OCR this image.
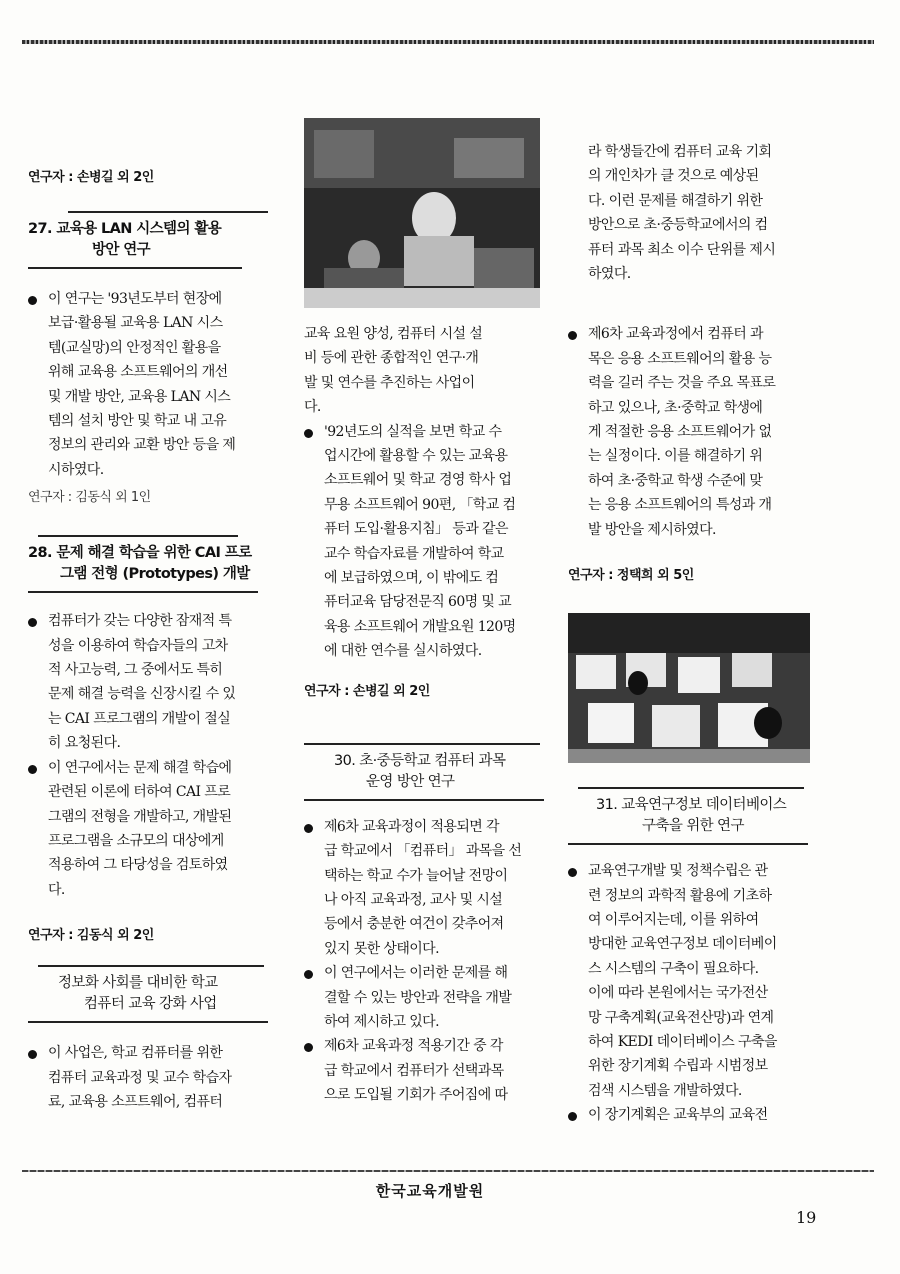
연구자 : 손병길 외 2인
27. 교육용 LAN 시스템의 활용
방안 연구
이 연구는 '93년도부터 현장에
보급·활용될 교육용 LAN 시스
템(교실망)의 안정적인 활용을
위해 교육용 소프트웨어의 개선
및 개발 방안, 교육용 LAN 시스
템의 설치 방안 및 학교 내 고유
정보의 관리와 교환 방안 등을 제
시하였다.
연구자 : 김동식 외 1인
28. 문제 해결 학습을 위한 CAI 프로
그램 전형 (Prototypes) 개발
컴퓨터가 갖는 다양한 잠재적 특
성을 이용하여 학습자들의 고차
적 사고능력, 그 중에서도 특히
문제 해결 능력을 신장시킬 수 있
는 CAI 프로그램의 개발이 절실
히 요청된다.
이 연구에서는 문제 해결 학습에
관련된 이론에 터하여 CAI 프로
그램의 전형을 개발하고, 개발된
프로그램을 소규모의 대상에게
적용하여 그 타당성을 검토하였
다.
연구자 : 김동식 외 2인
정보화 사회를 대비한 학교
컴퓨터 교육 강화 사업
이 사업은, 학교 컴퓨터를 위한
컴퓨터 교육과정 및 교수 학습자
료, 교육용 소프트웨어, 컴퓨터
교육 요원 양성, 컴퓨터 시설 설
비 등에 관한 종합적인 연구·개
발 및 연수를 추진하는 사업이
다.
'92년도의 실적을 보면 학교 수
업시간에 활용할 수 있는 교육용
소프트웨어 및 학교 경영 학사 업
무용 소프트웨어 90편, 「학교 컴
퓨터 도입·활용지침」 등과 같은
교수 학습자료를 개발하여 학교
에 보급하였으며, 이 밖에도 컴
퓨터교육 담당전문직 60명 및 교
육용 소프트웨어 개발요원 120명
에 대한 연수를 실시하였다.
연구자 : 손병길 외 2인
30. 초·중등학교 컴퓨터 과목
운영 방안 연구
제6차 교육과정이 적용되면 각
급 학교에서 「컴퓨터」 과목을 선
택하는 학교 수가 늘어날 전망이
나 아직 교육과정, 교사 및 시설
등에서 충분한 여건이 갖추어져
있지 못한 상태이다.
이 연구에서는 이러한 문제를 해
결할 수 있는 방안과 전략을 개발
하여 제시하고 있다.
제6차 교육과정 적용기간 중 각
급 학교에서 컴퓨터가 선택과목
으로 도입될 기회가 주어짐에 따
라 학생들간에 컴퓨터 교육 기회
의 개인차가 클 것으로 예상된
다. 이런 문제를 해결하기 위한
방안으로 초·중등학교에서의 컴
퓨터 과목 최소 이수 단위를 제시
하였다.
제6차 교육과정에서 컴퓨터 과
목은 응용 소프트웨어의 활용 능
력을 길러 주는 것을 주요 목표로
하고 있으나, 초·중학교 학생에
게 적절한 응용 소프트웨어가 없
는 실정이다. 이를 해결하기 위
하여 초·중학교 학생 수준에 맞
는 응용 소프트웨어의 특성과 개
발 방안을 제시하였다.
연구자 : 정택희 외 5인
31. 교육연구정보 데이터베이스
구축을 위한 연구
교육연구개발 및 정책수립은 관
련 정보의 과학적 활용에 기초하
여 이루어지는데, 이를 위하여
방대한 교육연구정보 데이터베이
스 시스템의 구축이 필요하다.
이에 따라 본원에서는 국가전산
망 구축계획(교육전산망)과 연계
하여 KEDI 데이터베이스 구축을
위한 장기계획 수립과 시범정보
검색 시스템을 개발하였다.
이 장기계획은 교육부의 교육전
한국교육개발원
19
